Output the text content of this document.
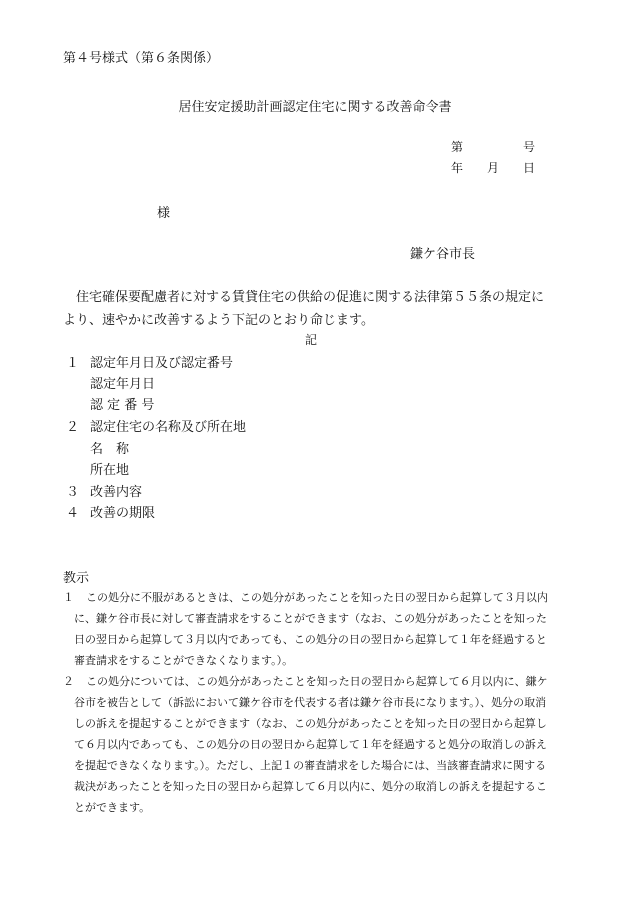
第４号様式（第６条関係）
居住安定援助計画認定住宅に関する改善命令書
第　　　　　号
年　　月　　日
様
鎌ケ谷市長
住宅確保要配慮者に対する賃貸住宅の供給の促進に関する法律第５５条の規定に
より、速やかに改善するよう下記のとおり命じます。
記
１ 認定年月日及び認定番号
認定年月日
認 定 番 号
２ 認定住宅の名称及び所在地
名　称
所在地
３ 改善内容
４ 改善の期限
教示
１ この処分に不服があるときは、この処分があったことを知った日の翌日から起算して３月以内
に、鎌ケ谷市長に対して審査請求をすることができます（なお、この処分があったことを知った
日の翌日から起算して３月以内であっても、この処分の日の翌日から起算して１年を経過すると
審査請求をすることができなくなります。）。
２ この処分については、この処分があったことを知った日の翌日から起算して６月以内に、鎌ケ
谷市を被告として（訴訟において鎌ケ谷市を代表する者は鎌ケ谷市長になります。）、処分の取消
しの訴えを提起することができます（なお、この処分があったことを知った日の翌日から起算し
て６月以内であっても、この処分の日の翌日から起算して１年を経過すると処分の取消しの訴え
を提起できなくなります。）。ただし、上記１の審査請求をした場合には、当該審査請求に関する
裁決があったことを知った日の翌日から起算して６月以内に、処分の取消しの訴えを提起するこ
とができます。
